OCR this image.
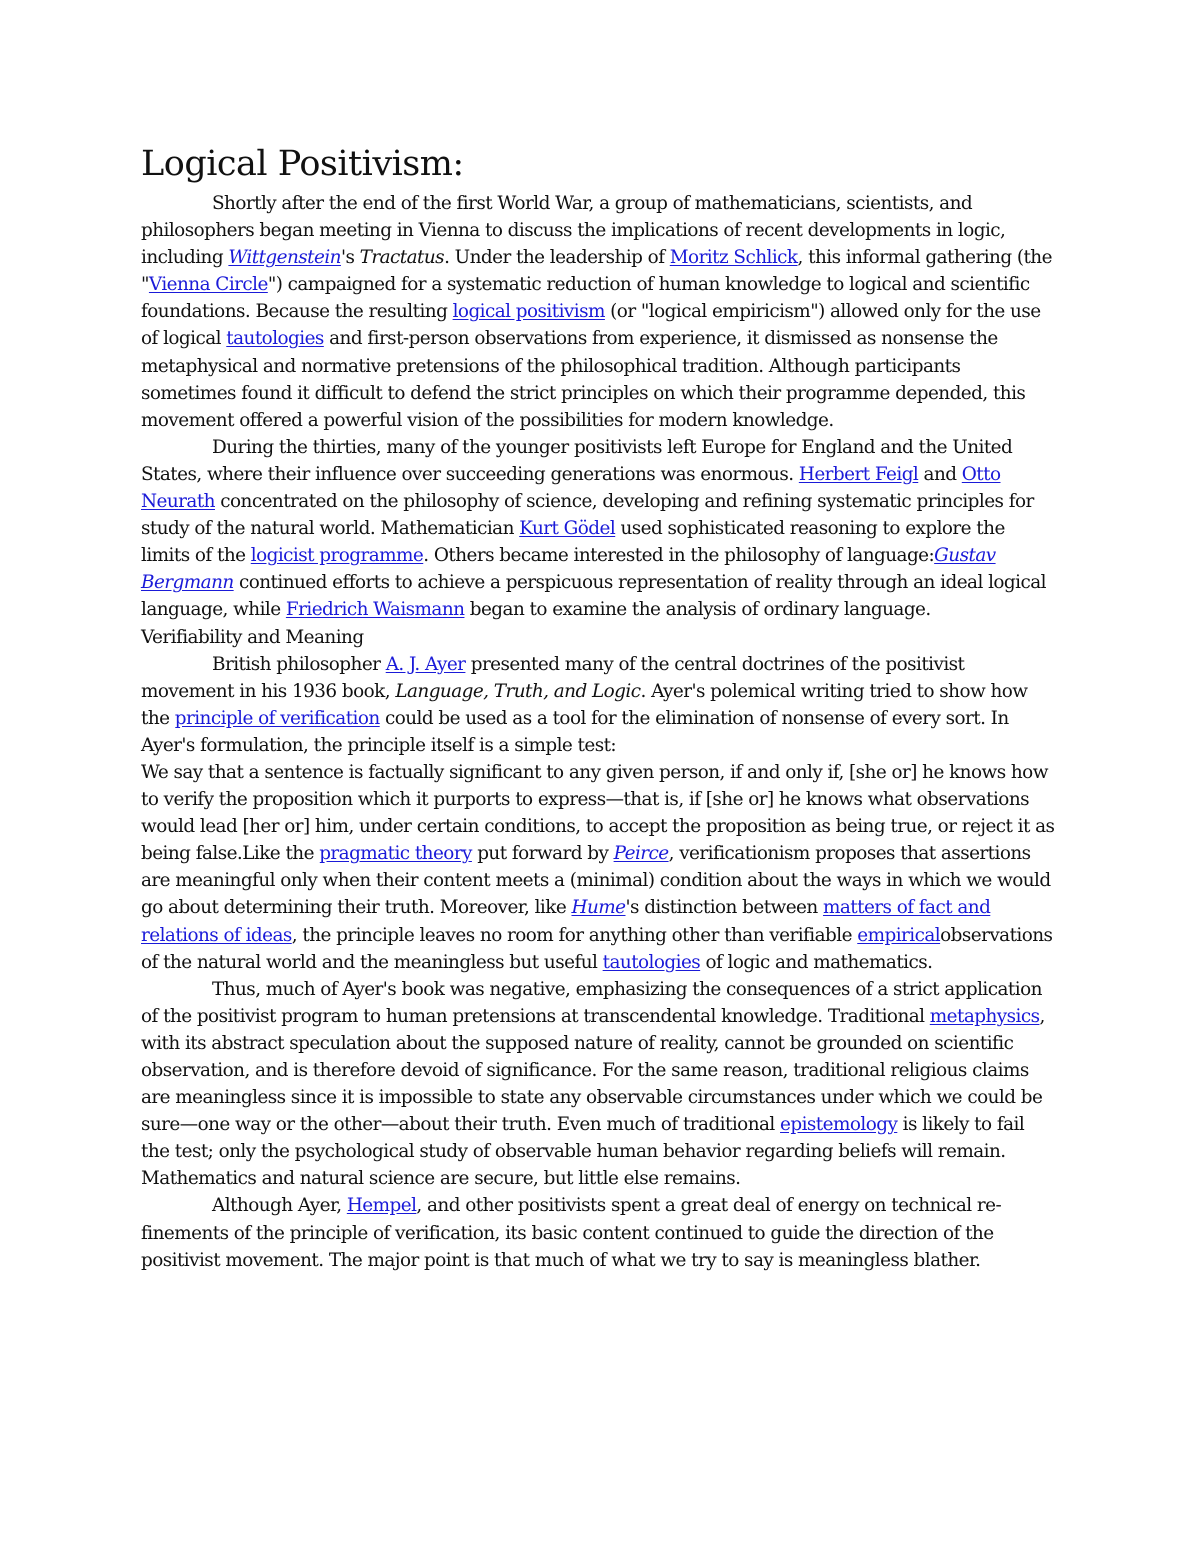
Logical Positivism:

Shortly after the end of the first World War, a group of mathematicians, scientists, and philosophers began meeting in Vienna to discuss the implications of recent developments in logic, including Wittgenstein's Tractatus. Under the leadership of Moritz Schlick, this informal gathering (the "Vienna Circle") campaigned for a systematic reduction of human knowledge to logical and scientific foundations. Because the resulting logical positivism (or "logical empiricism") allowed only for the use of logical tautologies and first-person observations from experience, it dismissed as nonsense the metaphysical and normative pretensions of the philosophical tradition. Although participants sometimes found it difficult to defend the strict principles on which their programme depended, this movement offered a powerful vision of the possibilities for modern knowledge.

During the thirties, many of the younger positivists left Europe for England and the United States, where their influence over succeeding generations was enormous. Herbert Feigl and Otto Neurath concentrated on the philosophy of science, developing and refining systematic principles for study of the natural world. Mathematician Kurt Gödel used sophisticated reasoning to explore the limits of the logicist programme. Others became interested in the philosophy of language:Gustav Bergmann continued efforts to achieve a perspicuous representation of reality through an ideal logical language, while Friedrich Waismann began to examine the analysis of ordinary language.

Verifiability and Meaning

British philosopher A. J. Ayer presented many of the central doctrines of the positivist movement in his 1936 book, Language, Truth, and Logic. Ayer's polemical writing tried to show how the principle of verification could be used as a tool for the elimination of nonsense of every sort. In Ayer's formulation, the principle itself is a simple test:

We say that a sentence is factually significant to any given person, if and only if, [she or] he knows how to verify the proposition which it purports to express—that is, if [she or] he knows what observations would lead [her or] him, under certain conditions, to accept the proposition as being true, or reject it as being false.Like the pragmatic theory put forward by Peirce, verificationism proposes that assertions are meaningful only when their content meets a (minimal) condition about the ways in which we would go about determining their truth. Moreover, like Hume's distinction between matters of fact and relations of ideas, the principle leaves no room for anything other than verifiable empiricalobservations of the natural world and the meaningless but useful tautologies of logic and mathematics.

Thus, much of Ayer's book was negative, emphasizing the consequences of a strict application of the positivist program to human pretensions at transcendental knowledge. Traditional metaphysics, with its abstract speculation about the supposed nature of reality, cannot be grounded on scientific observation, and is therefore devoid of significance. For the same reason, traditional religious claims are meaningless since it is impossible to state any observable circumstances under which we could be sure—one way or the other—about their truth. Even much of traditional epistemology is likely to fail the test; only the psychological study of observable human behavior regarding beliefs will remain. Mathematics and natural science are secure, but little else remains.

Although Ayer, Hempel, and other positivists spent a great deal of energy on technical refinements of the principle of verification, its basic content continued to guide the direction of the positivist movement. The major point is that much of what we try to say is meaningless blather.
